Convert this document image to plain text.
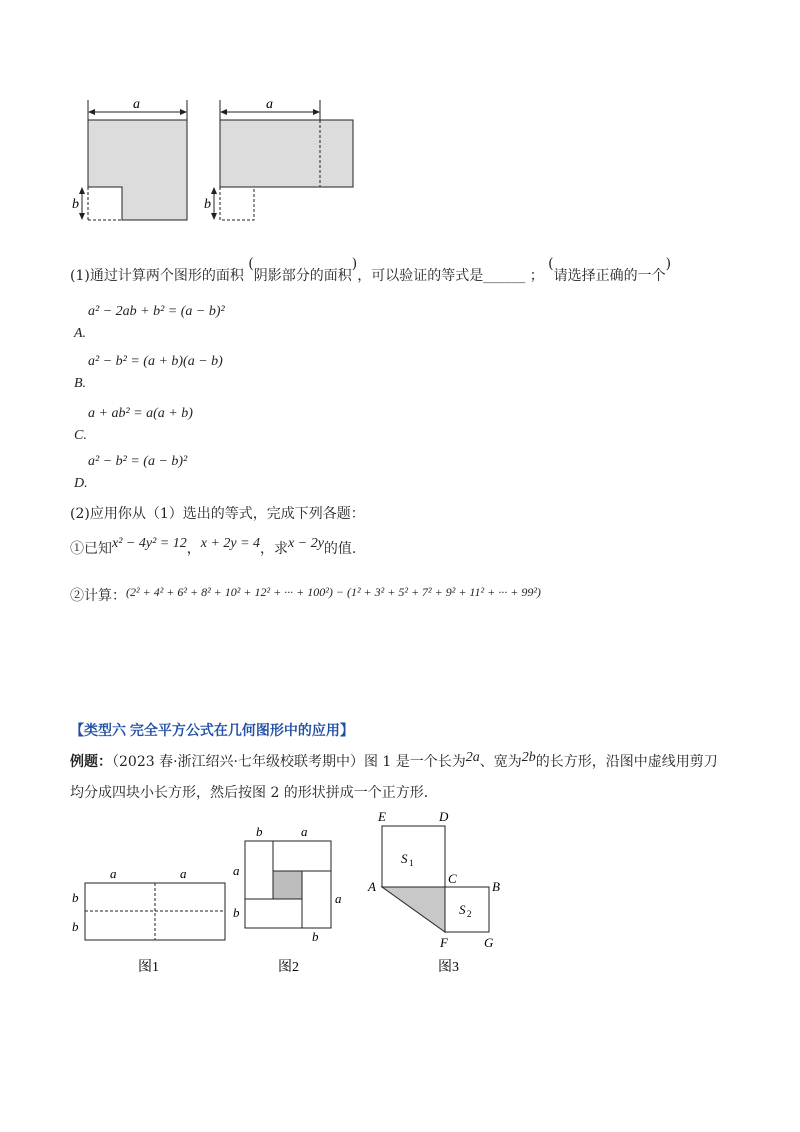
a
b
a
b
(1)通过计算两个图形的面积 (阴影部分的面积)，可以验证的等式是______ ； (请选择正确的一个)
a² − 2ab + b² = (a − b)²
A.
a² − b² = (a + b)(a − b)
B.
a + ab² = a(a + b)
C.
a² − b² = (a − b)²
D.
(2)应用你从（1）选出的等式，完成下列各题：
①已知x² − 4y² = 12，x + 2y = 4，求x − 2y的值.
②计算：(2² + 4² + 6² + 8² + 10² + 12² + ··· + 100²) − (1² + 3² + 5² + 7² + 9² + 11² + ··· + 99²)
【类型六 完全平方公式在几何图形中的应用】
例题：（2023 春·浙江绍兴·七年级校联考期中）图 1 是一个长为2a、宽为2b的长方形，沿图中虚线用剪刀
均分成四块小长方形，然后按图 2 的形状拼成一个正方形.
a	a
b
b
图1
b	a
a
b
a
b
图2
E	D
S 1
A
C
B
S 2
F	G
图3
